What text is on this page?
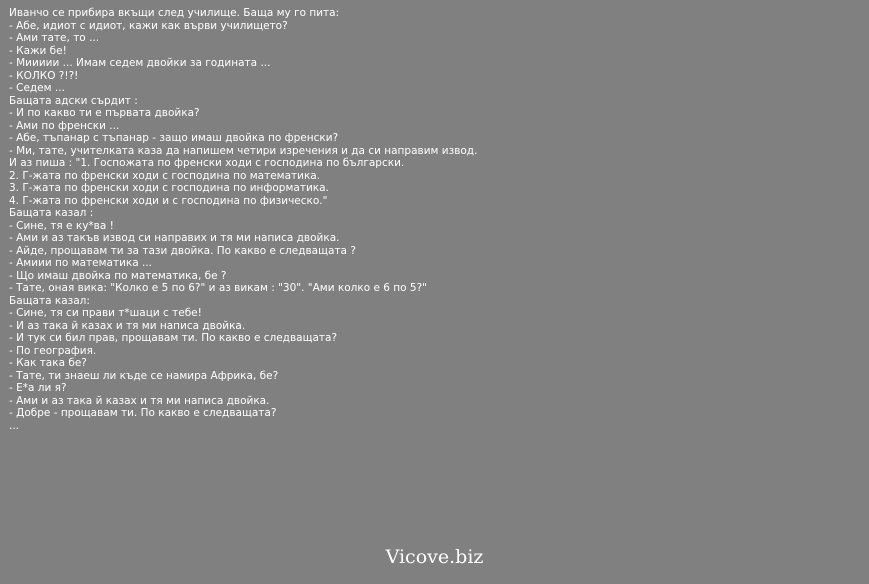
Иванчо се прибира вкъщи след училище. Баща му го пита:
- Абе, идиот с идиот, кажи как върви училището?
- Ами тате, то ...
- Кажи бе!
- Миииии ... Имам седем двойки за годината ...
- КОЛКО ?!?!
- Седем ...
Бащата адски сърдит :
- И по какво ти е първата двойка?
- Ами по френски ...
- Абе, тъпанар с тъпанар - защо имаш двойка по френски?
- Ми, тате, учителката каза да напишем четири изречения и да си направим извод.
И аз пиша : "1. Госпожата по френски ходи с господина по български.
2. Г-жата по френски ходи с господина по математика.
3. Г-жата по френски ходи с господина по информатика.
4. Г-жата по френски ходи и с господина по физическо."
Бащата казал :
- Сине, тя е ку*ва !
- Ами и аз такъв извод си направих и тя ми написа двойка.
- Айде, прощавам ти за тази двойка. По какво е следващата ?
- Амиии по математика ...
- Що имаш двойка по математика, бе ?
- Тате, оная вика: "Колко е 5 по 6?" и аз викам : "30". "Ами колко е 6 по 5?"
Бащата казал:
- Сине, тя си прави т*шаци с тебе!
- И аз така й казах и тя ми написа двойка.
- И тук си бил прав, прощавам ти. По какво е следващата?
- По география.
- Как така бе?
- Тате, ти знаеш ли къде се намира Африка, бе?
- Е*а ли я?
- Ами и аз така й казах и тя ми написа двойка.
- Добре - прощавам ти. По какво е следващата?
...
Vicove.biz
